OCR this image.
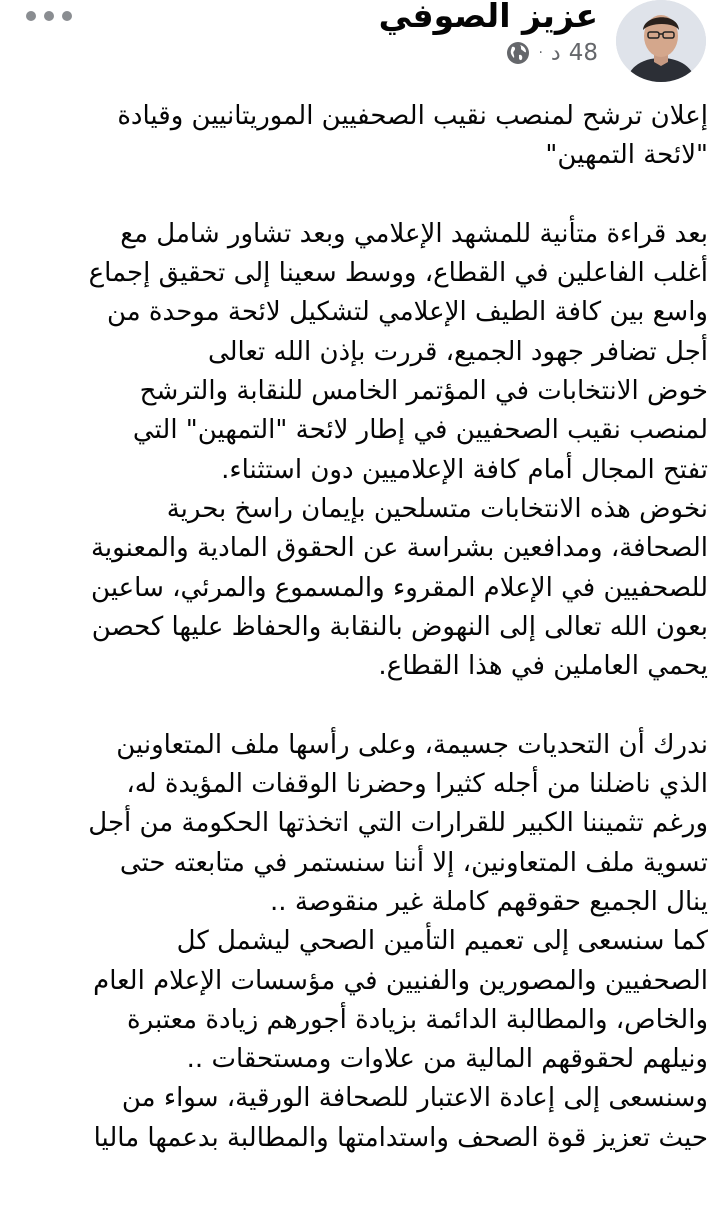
عزيز الصوفي
48
د
·

إعلان ترشح لمنصب نقيب الصحفيين الموريتانيين وقيادة

"لائحة التمهين"

بعد قراءة متأنية للمشهد الإعلامي وبعد تشاور شامل مع

أغلب الفاعلين في القطاع، ووسط سعينا إلى تحقيق إجماع

واسع بين كافة الطيف الإعلامي لتشكيل لائحة موحدة من

أجل تضافر جهود الجميع، قررت بإذن الله تعالى

خوض الانتخابات في المؤتمر الخامس للنقابة والترشح

لمنصب نقيب الصحفيين في إطار لائحة "التمهين" التي

تفتح المجال أمام كافة الإعلاميين دون استثناء.

نخوض هذه الانتخابات متسلحين بإيمان راسخ بحرية

الصحافة، ومدافعين بشراسة عن الحقوق المادية والمعنوية

للصحفيين في الإعلام المقروء والمسموع والمرئي، ساعين

بعون الله تعالى إلى النهوض بالنقابة والحفاظ عليها كحصن

يحمي العاملين في هذا القطاع.

ندرك أن التحديات جسيمة، وعلى رأسها ملف المتعاونين

الذي ناضلنا من أجله كثيرا وحضرنا الوقفات المؤيدة له،

ورغم تثميننا الكبير للقرارات التي اتخذتها الحكومة من أجل

تسوية ملف المتعاونين، إلا أننا سنستمر في متابعته حتى

ينال الجميع حقوقهم كاملة غير منقوصة ..

كما سنسعى إلى تعميم التأمين الصحي ليشمل كل

الصحفيين والمصورين والفنيين في مؤسسات الإعلام العام

والخاص، والمطالبة الدائمة بزيادة أجورهم زيادة معتبرة

ونيلهم لحقوقهم المالية من علاوات ومستحقات ..

وسنسعى إلى إعادة الاعتبار للصحافة الورقية، سواء من

حيث تعزيز قوة الصحف واستدامتها والمطالبة بدعمها ماليا
